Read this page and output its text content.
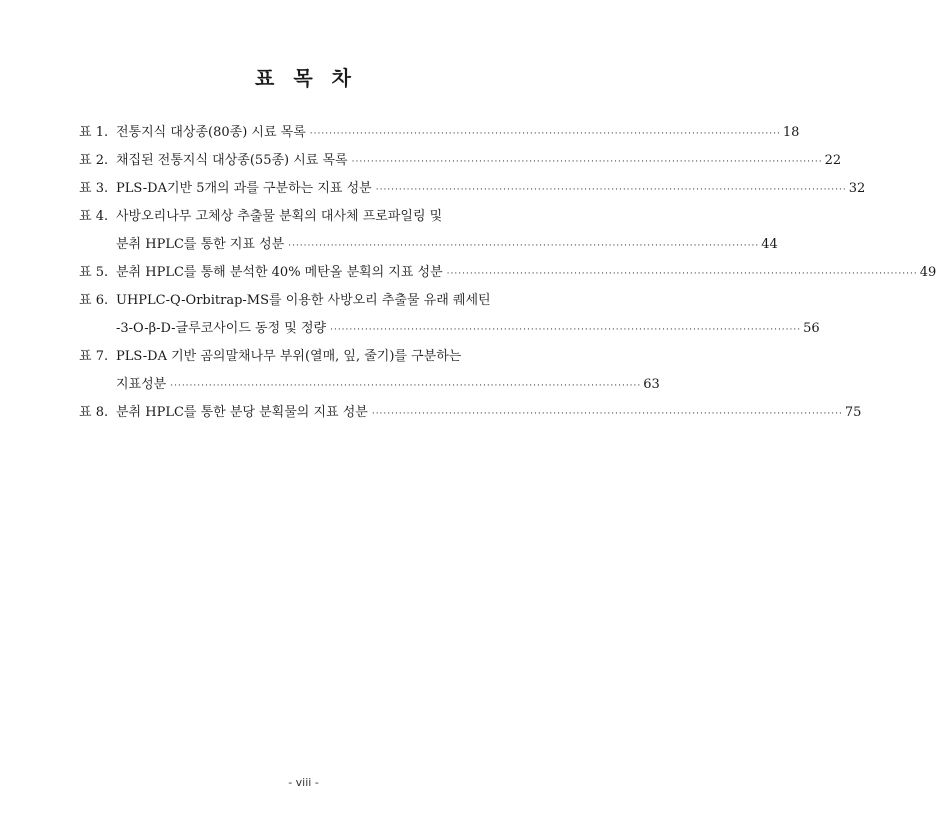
표 목 차
표 1. 전통지식 대상종(80종) 시료 목록 ·························································································································· 18
표 2. 채집된 전통지식 대상종(55종) 시료 목록 ·························································································································· 22
표 3. PLS-DA기반 5개의 과를 구분하는 지표 성분 ·························································································································· 32
표 4. 사방오리나무 고체상 추출물 분획의 대사체 프로파일링 및
분취 HPLC를 통한 지표 성분 ·························································································································· 44
표 5. 분취 HPLC를 통해 분석한 40% 메탄올 분획의 지표 성분 ·························································································································· 49
표 6. UHPLC-Q-Orbitrap-MS를 이용한 사방오리 추출물 유래 퀘세틴
-3-O-β-D-글루코사이드 동정 및 정량 ·························································································································· 56
표 7. PLS-DA 기반 곰의말채나무 부위(열매, 잎, 줄기)를 구분하는
지표성분 ·························································································································· 63
표 8. 분취 HPLC를 통한 분당 분획물의 지표 성분 ·························································································································· 75
- viii -
